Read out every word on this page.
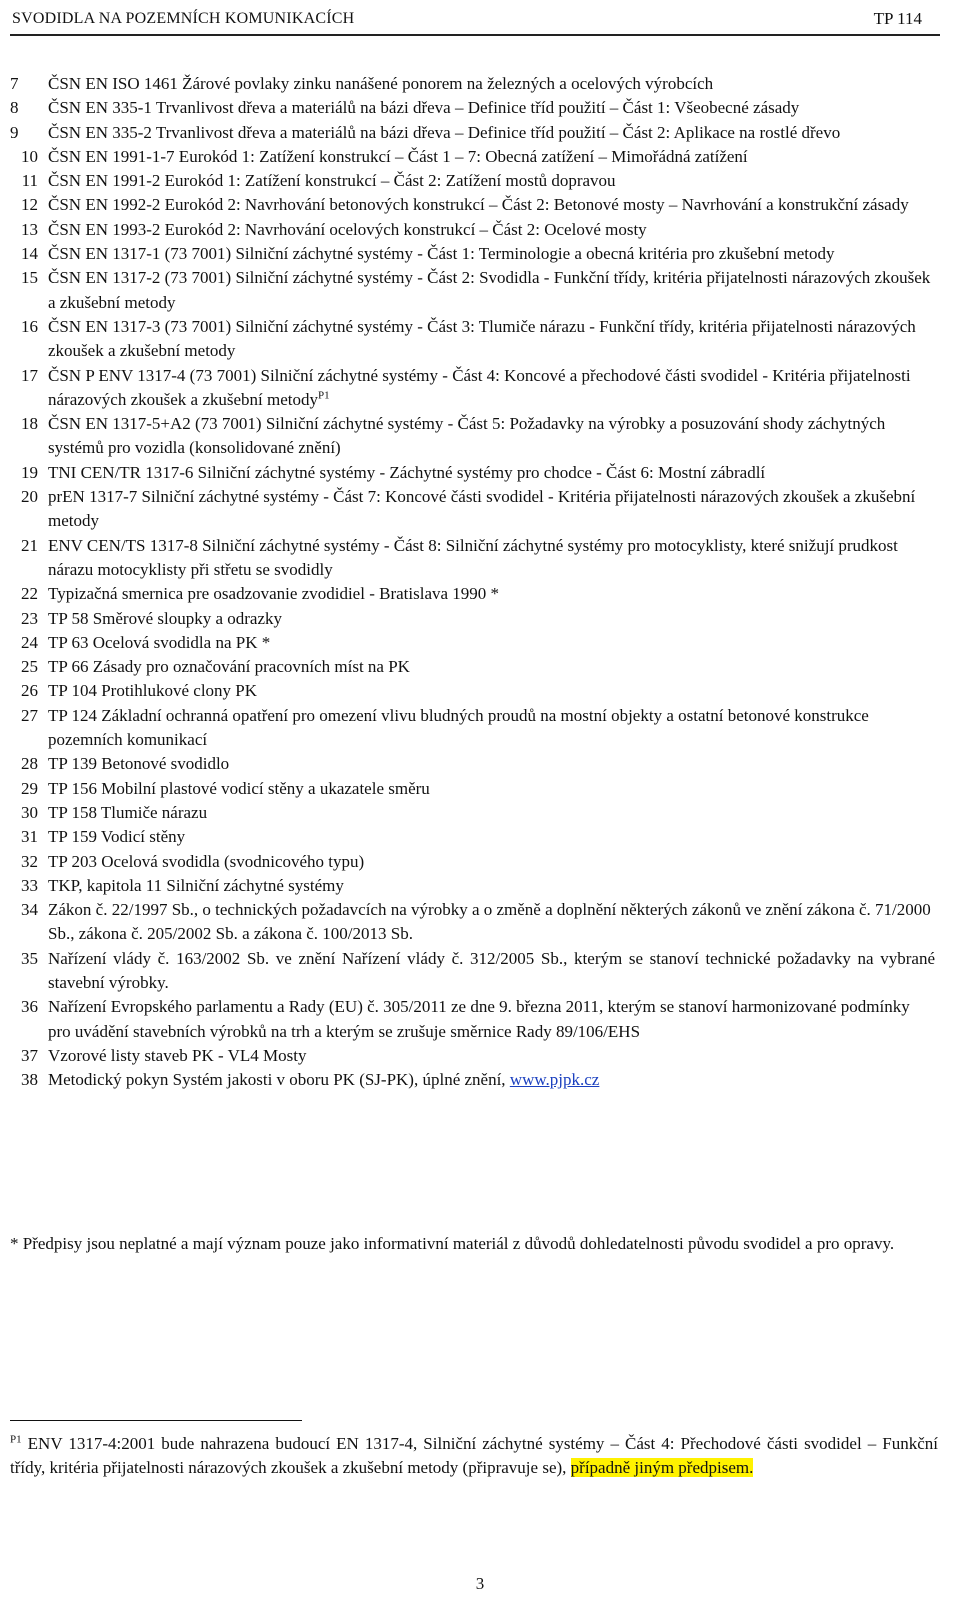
SVODIDLA NA POZEMNÍCH KOMUNIKACÍCH	TP 114
7	ČSN EN ISO 1461 Žárové povlaky zinku nanášené ponorem na železných a ocelových výrobcích
8	ČSN EN 335-1 Trvanlivost dřeva a materiálů na bázi dřeva – Definice tříd použití – Část 1: Všeobecné zásady
9	ČSN EN 335-2 Trvanlivost dřeva a materiálů na bázi dřeva – Definice tříd použití – Část 2: Aplikace na rostlé dřevo
10 ČSN EN 1991-1-7 Eurokód 1: Zatížení konstrukcí – Část 1 – 7: Obecná zatížení – Mimořádná zatížení
11 ČSN EN 1991-2 Eurokód 1: Zatížení konstrukcí – Část 2: Zatížení mostů dopravou
12 ČSN EN 1992-2 Eurokód 2: Navrhování betonových konstrukcí – Část 2: Betonové mosty – Navrhování a konstrukční zásady
13 ČSN EN 1993-2 Eurokód 2: Navrhování ocelových konstrukcí – Část 2: Ocelové mosty
14 ČSN EN 1317-1 (73 7001) Silniční záchytné systémy - Část 1: Terminologie a obecná kritéria pro zkušební metody
15 ČSN EN 1317-2 (73 7001) Silniční záchytné systémy - Část 2: Svodidla - Funkční třídy, kritéria přijatelnosti nárazových zkoušek a zkušební metody
16 ČSN EN 1317-3 (73 7001) Silniční záchytné systémy - Část 3: Tlumiče nárazu - Funkční třídy, kritéria přijatelnosti nárazových zkoušek a zkušební metody
17 ČSN P ENV 1317-4 (73 7001) Silniční záchytné systémy - Část 4: Koncové a přechodové části svodidel - Kritéria přijatelnosti nárazových zkoušek a zkušební metody$^{P1}$
18 ČSN EN 1317-5+A2 (73 7001) Silniční záchytné systémy - Část 5: Požadavky na výrobky a posuzování shody záchytných systémů pro vozidla (konsolidované znění)
19 TNI CEN/TR 1317-6 Silniční záchytné systémy - Záchytné systémy pro chodce - Část 6: Mostní zábradlí
20 prEN 1317-7 Silniční záchytné systémy - Část 7: Koncové části svodidel - Kritéria přijatelnosti nárazových zkoušek a zkušební metody
21 ENV CEN/TS 1317-8 Silniční záchytné systémy - Část 8: Silniční záchytné systémy pro motocyklisty, které snižují prudkost nárazu motocyklisty při střetu se svodidly
22 Typizačná smernica pre osadzovanie zvodidiel - Bratislava 1990 *
23 TP 58 Směrové sloupky a odrazky
24 TP 63 Ocelová svodidla na PK *
25 TP 66 Zásady pro označování pracovních míst na PK
26 TP 104 Protihlukové clony PK
27 TP 124 Základní ochranná opatření pro omezení vlivu bludných proudů na mostní objekty a ostatní betonové konstrukce pozemních komunikací
28 TP 139 Betonové svodidlo
29 TP 156 Mobilní plastové vodicí stěny a ukazatele směru
30 TP 158 Tlumiče nárazu
31 TP 159 Vodicí stěny
32 TP 203 Ocelová svodidla (svodnicového typu)
33 TKP, kapitola 11 Silniční záchytné systémy
34 Zákon č. 22/1997 Sb., o technických požadavcích na výrobky a o změně a doplnění některých zákonů ve znění zákona č. 71/2000 Sb., zákona č. 205/2002 Sb. a zákona č. 100/2013 Sb.
35 Nařízení vlády č. 163/2002 Sb. ve znění Nařízení vlády č. 312/2005 Sb., kterým se stanoví technické požadavky na vybrané stavební výrobky.
36 Nařízení Evropského parlamentu a Rady (EU) č. 305/2011 ze dne 9. března 2011, kterým se stanoví harmonizované podmínky pro uvádění stavebních výrobků na trh a kterým se zrušuje směrnice Rady 89/106/EHS
37 Vzorové listy staveb PK - VL4 Mosty
38 Metodický pokyn Systém jakosti v oboru PK (SJ-PK), úplné znění, www.pjpk.cz
* Předpisy jsou neplatné a mají význam pouze jako informativní materiál z důvodů dohledatelnosti původu svodidel a pro opravy.
$^{P1}$ ENV 1317-4:2001 bude nahrazena budoucí EN 1317-4, Silniční záchytné systémy – Část 4: Přechodové části svodidel – Funkční třídy, kritéria přijatelnosti nárazových zkoušek a zkušební metody (připravuje se), případně jiným předpisem.
3
